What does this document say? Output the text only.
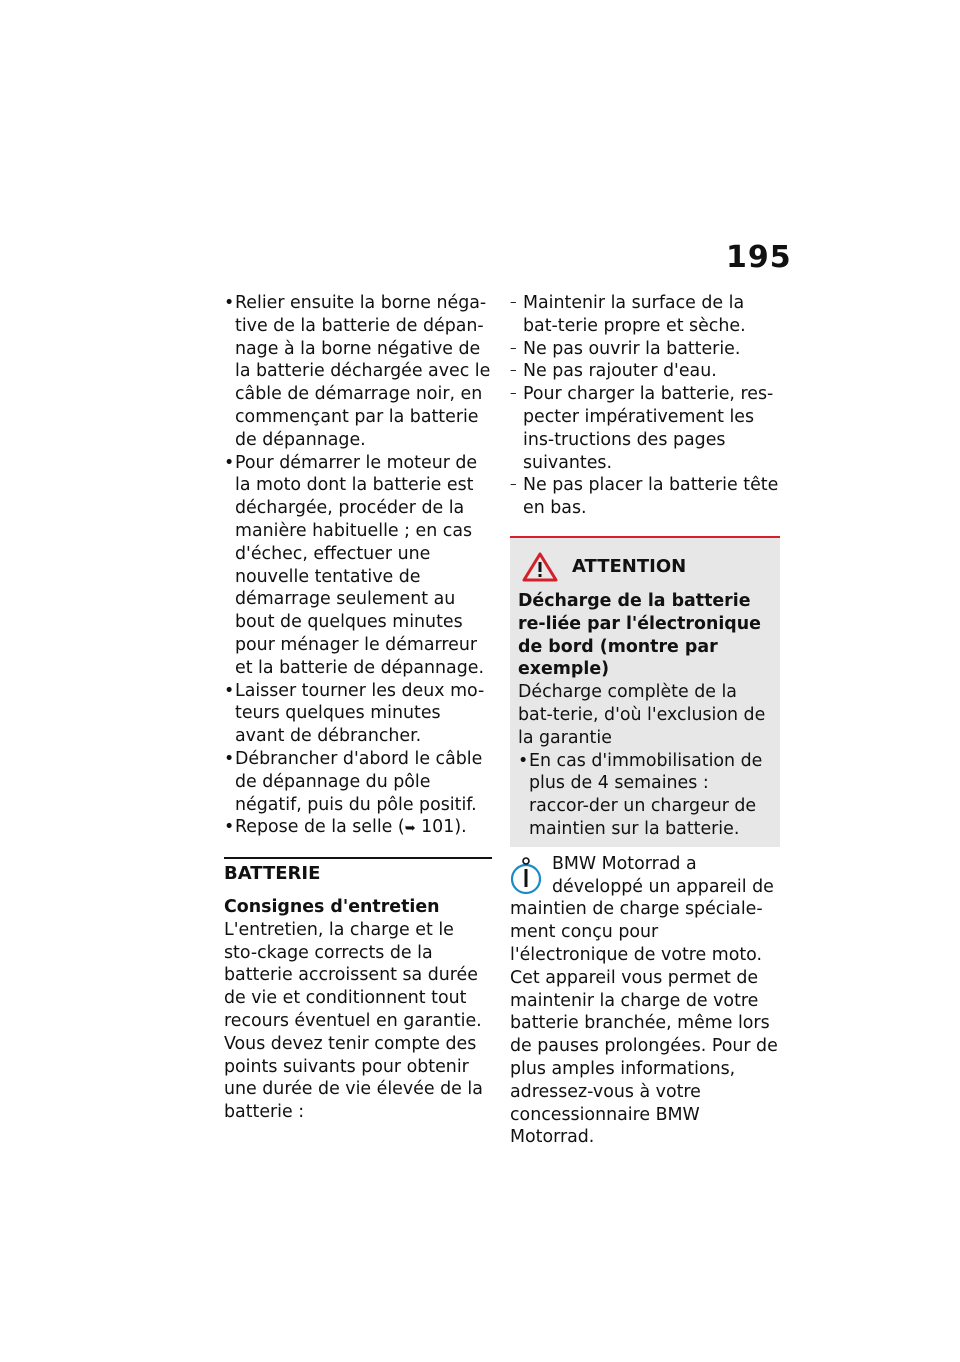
195
• Relier ensuite la borne néga-tive de la batterie de dépan-nage à la borne négative de la batterie déchargée avec le câble de démarrage noir, en commençant par la batterie de dépannage.
• Pour démarrer le moteur de la moto dont la batterie est déchargée, procéder de la manière habituelle ; en cas d'échec, effectuer une nouvelle tentative de démarrage seulement au bout de quelques minutes pour ménager le démarreur et la batterie de dépannage.
• Laisser tourner les deux mo-teurs quelques minutes avant de débrancher.
• Débrancher d'abord le câble de dépannage du pôle négatif, puis du pôle positif.
• Repose de la selle (➥ 101).
BATTERIE
Consignes d'entretien
L'entretien, la charge et le sto-ckage corrects de la batterie accroissent sa durée de vie et conditionnent tout recours éventuel en garantie.
Vous devez tenir compte des points suivants pour obtenir une durée de vie élevée de la batterie :
– Maintenir la surface de la bat-terie propre et sèche.
– Ne pas ouvrir la batterie.
– Ne pas rajouter d'eau.
– Pour charger la batterie, res-pecter impérativement les ins-tructions des pages suivantes.
– Ne pas placer la batterie tête en bas.
ATTENTION
Décharge de la batterie re-liée par l'électronique de bord (montre par exemple)
Décharge complète de la bat-terie, d'où l'exclusion de la garantie
• En cas d'immobilisation de plus de 4 semaines : raccor-der un chargeur de maintien sur la batterie.
BMW Motorrad a développé un appareil de
maintien de charge spéciale-ment conçu pour l'électronique de votre moto. Cet appareil vous permet de maintenir la charge de votre batterie branchée, même lors de pauses prolongées. Pour de plus amples informations, adressez-vous à votre concessionnaire BMW Motorrad.
